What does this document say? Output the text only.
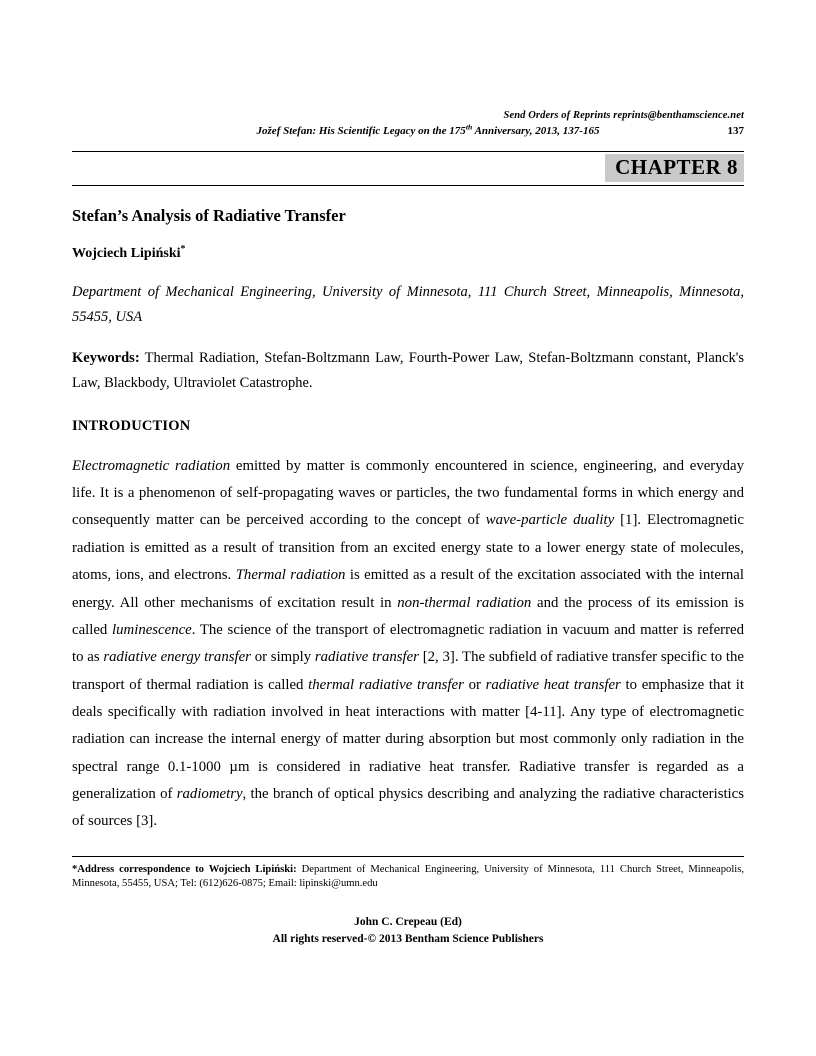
Send Orders of Reprints reprints@benthamscience.net
Jožef Stefan: His Scientific Legacy on the 175th Anniversary, 2013, 137-165	137
CHAPTER 8
Stefan’s Analysis of Radiative Transfer
Wojciech Lipiński*
Department of Mechanical Engineering, University of Minnesota, 111 Church Street, Minneapolis, Minnesota, 55455, USA
Keywords: Thermal Radiation, Stefan-Boltzmann Law, Fourth-Power Law, Stefan-Boltzmann constant, Planck's Law, Blackbody, Ultraviolet Catastrophe.
INTRODUCTION

Electromagnetic radiation emitted by matter is commonly encountered in science, engineering, and everyday life. It is a phenomenon of self-propagating waves or particles, the two fundamental forms in which energy and consequently matter can be perceived according to the concept of wave-particle duality [1]. Electromagnetic radiation is emitted as a result of transition from an excited energy state to a lower energy state of molecules, atoms, ions, and electrons. Thermal radiation is emitted as a result of the excitation associated with the internal energy. All other mechanisms of excitation result in non-thermal radiation and the process of its emission is called luminescence. The science of the transport of electromagnetic radiation in vacuum and matter is referred to as radiative energy transfer or simply radiative transfer [2, 3]. The subfield of radiative transfer specific to the transport of thermal radiation is called thermal radiative transfer or radiative heat transfer to emphasize that it deals specifically with radiation involved in heat interactions with matter [4-11]. Any type of electromagnetic radiation can increase the internal energy of matter during absorption but most commonly only radiation in the spectral range 0.1-1000 µm is considered in radiative heat transfer. Radiative transfer is regarded as a generalization of radiometry, the branch of optical physics describing and analyzing the radiative characteristics of sources [3].

*Address correspondence to Wojciech Lipiński: Department of Mechanical Engineering, University of Minnesota, 111 Church Street, Minneapolis, Minnesota, 55455, USA; Tel: (612)626-0875; Email: lipinski@umn.edu
John C. Crepeau (Ed)
All rights reserved-© 2013 Bentham Science Publishers
